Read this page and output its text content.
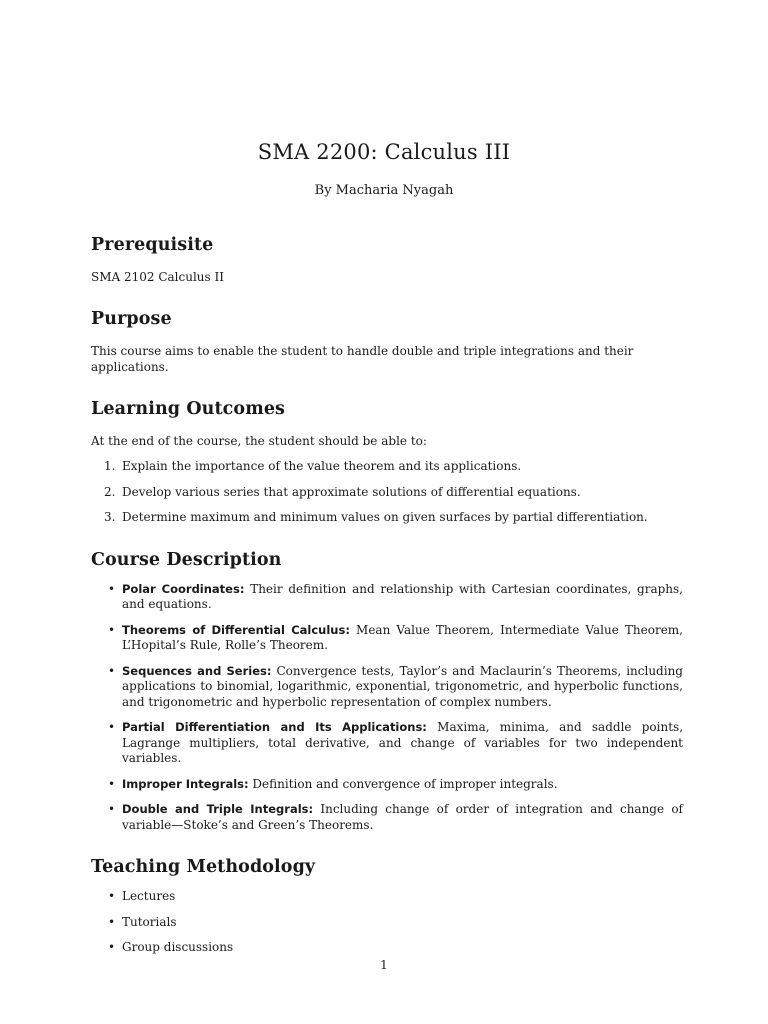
SMA 2200: Calculus III
By Macharia Nyagah
Prerequisite

SMA 2102 Calculus II

Purpose

This course aims to enable the student to handle double and triple integrations and their applications.

Learning Outcomes

At the end of the course, the student should be able to:

1. Explain the importance of the value theorem and its applications.
2. Develop various series that approximate solutions of differential equations.
3. Determine maximum and minimum values on given surfaces by partial differentiation.
Course Description
• Polar Coordinates: Their definition and relationship with Cartesian coordinates, graphs, and equations.
• Theorems of Differential Calculus: Mean Value Theorem, Intermediate Value Theorem, L’Hopital’s Rule, Rolle’s Theorem.
• Sequences and Series: Convergence tests, Taylor’s and Maclaurin’s Theorems, including applications to binomial, logarithmic, exponential, trigonometric, and hyperbolic functions, and trigonometric and hyperbolic representation of complex numbers.
• Partial Differentiation and Its Applications: Maxima, minima, and saddle points, Lagrange multipliers, total derivative, and change of variables for two independent variables.
• Improper Integrals: Definition and convergence of improper integrals.
• Double and Triple Integrals: Including change of order of integration and change of variable—Stoke’s and Green’s Theorems.
Teaching Methodology
• Lectures
• Tutorials
• Group discussions
1
